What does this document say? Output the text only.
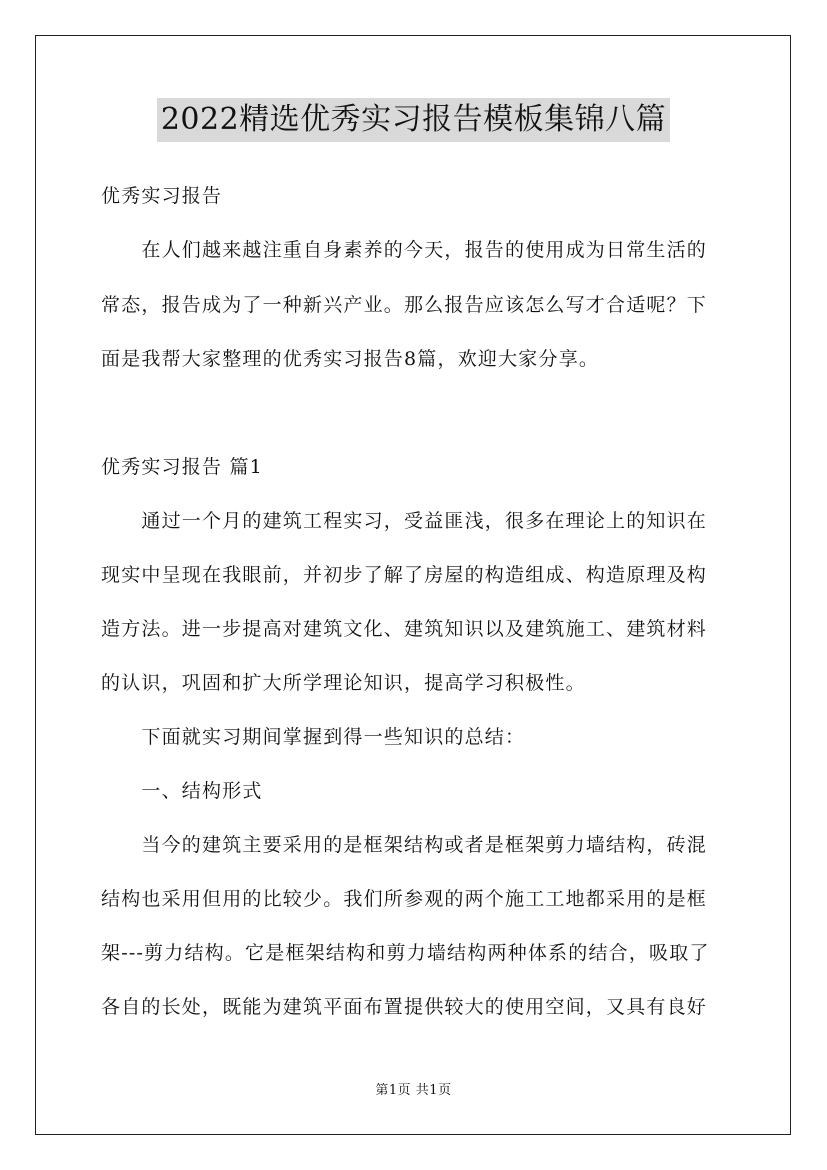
2022精选优秀实习报告模板集锦八篇
优秀实习报告
　　在人们越来越注重自身素养的今天，报告的使用成为日常生活的
常态，报告成为了一种新兴产业。那么报告应该怎么写才合适呢？下
面是我帮大家整理的优秀实习报告8篇，欢迎大家分享。
优秀实习报告 篇1
　　通过一个月的建筑工程实习，受益匪浅，很多在理论上的知识在
现实中呈现在我眼前，并初步了解了房屋的构造组成、构造原理及构
造方法。进一步提高对建筑文化、建筑知识以及建筑施工、建筑材料
的认识，巩固和扩大所学理论知识，提高学习积极性。
　　下面就实习期间掌握到得一些知识的总结：
　　一、结构形式
　　当今的建筑主要采用的是框架结构或者是框架剪力墙结构，砖混
结构也采用但用的比较少。我们所参观的两个施工工地都采用的是框
架---剪力结构。它是框架结构和剪力墙结构两种体系的结合，吸取了
各自的长处，既能为建筑平面布置提供较大的使用空间，又具有良好
第1页 共1页
